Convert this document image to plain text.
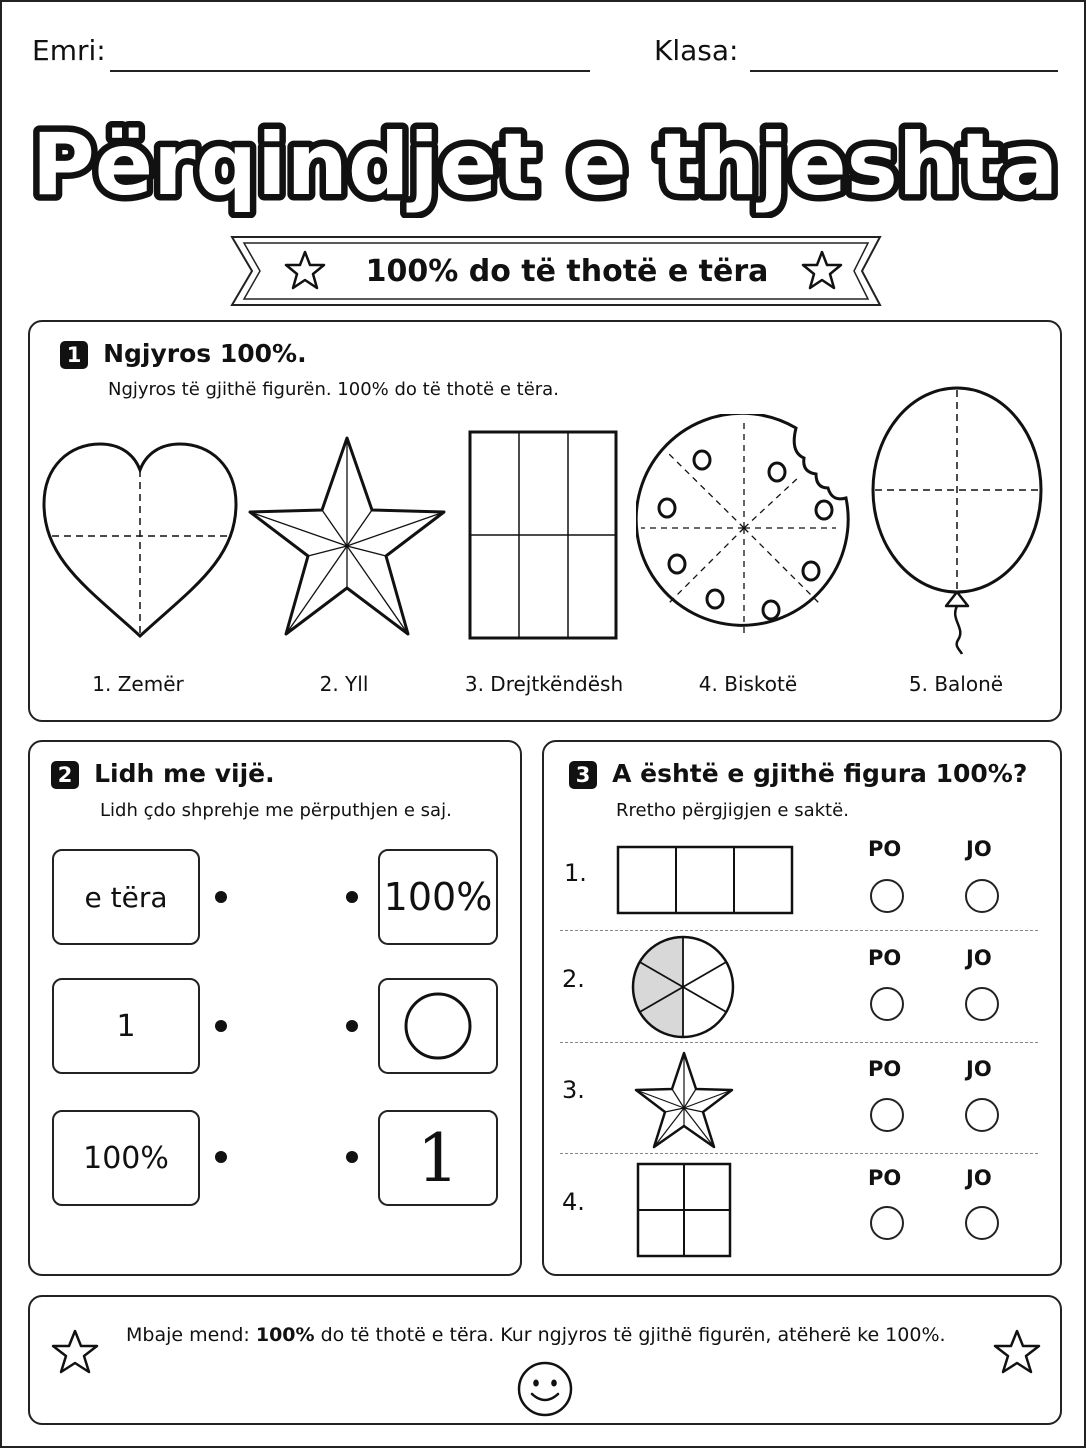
Emri:	Klasa:
Përqindjet e thjeshta
100% do të thotë e tëra
1 Ngjyros 100%.
Ngjyros të gjithë figurën. 100% do të thotë e tëra.
1. Zemër	2. Yll	3. Drejtkëndësh	4. Biskotë	5. Balonë
2 Lidh me vijë.
Lidh çdo shprehje me përputhjen e saj.
e tëra
1
100%
100%
1
3 A është e gjithë figura 100%?
Rretho përgjigjen e saktë.
1.
PO	JO
2.
PO	JO
3.
PO	JO
4.
PO	JO
Mbaje mend: 100% do të thotë e tëra. Kur ngjyros të gjithë figurën, atëherë ke 100%.
